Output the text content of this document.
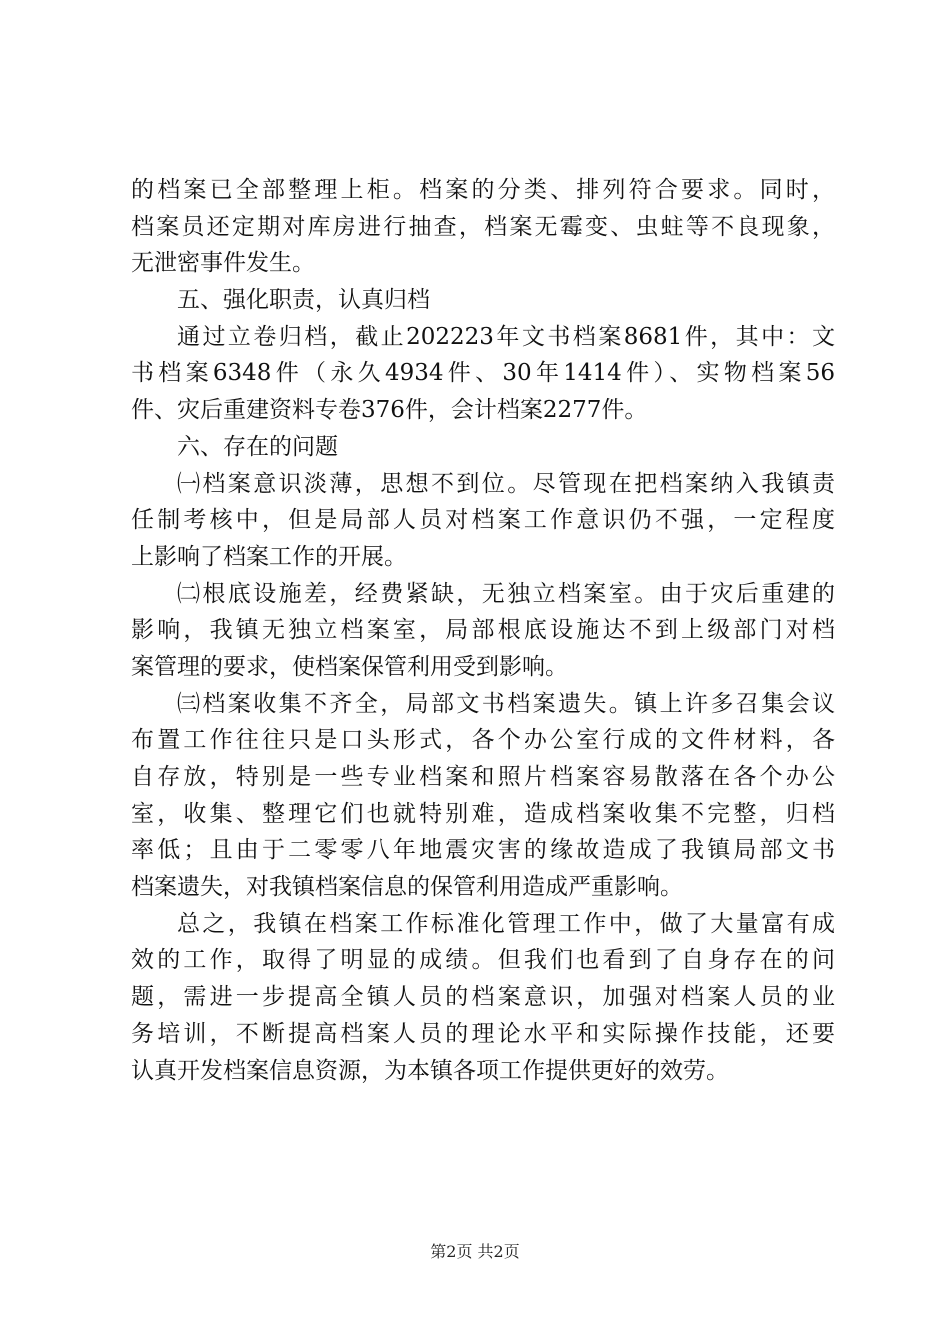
的档案已全部整理上柜。档案的分类、排列符合要求。同时，
档案员还定期对库房进行抽查，档案无霉变、虫蛀等不良现象，
无泄密事件发生。
五、强化职责，认真归档
通过立卷归档，截止202223年文书档案8681件，其中：文
书档案6348件（永久4934件、30年1414件）、实物档案56
件、灾后重建资料专卷376件，会计档案2277件。
六、存在的问题
㈠档案意识淡薄，思想不到位。尽管现在把档案纳入我镇责
任制考核中，但是局部人员对档案工作意识仍不强，一定程度
上影响了档案工作的开展。
㈡根底设施差，经费紧缺，无独立档案室。由于灾后重建的
影响，我镇无独立档案室，局部根底设施达不到上级部门对档
案管理的要求，使档案保管利用受到影响。
㈢档案收集不齐全，局部文书档案遗失。镇上许多召集会议
布置工作往往只是口头形式，各个办公室行成的文件材料，各
自存放，特别是一些专业档案和照片档案容易散落在各个办公
室，收集、整理它们也就特别难，造成档案收集不完整，归档
率低；且由于二零零八年地震灾害的缘故造成了我镇局部文书
档案遗失，对我镇档案信息的保管利用造成严重影响。
总之，我镇在档案工作标准化管理工作中，做了大量富有成
效的工作，取得了明显的成绩。但我们也看到了自身存在的问
题，需进一步提高全镇人员的档案意识，加强对档案人员的业
务培训，不断提高档案人员的理论水平和实际操作技能，还要
认真开发档案信息资源，为本镇各项工作提供更好的效劳。
第2页 共2页
